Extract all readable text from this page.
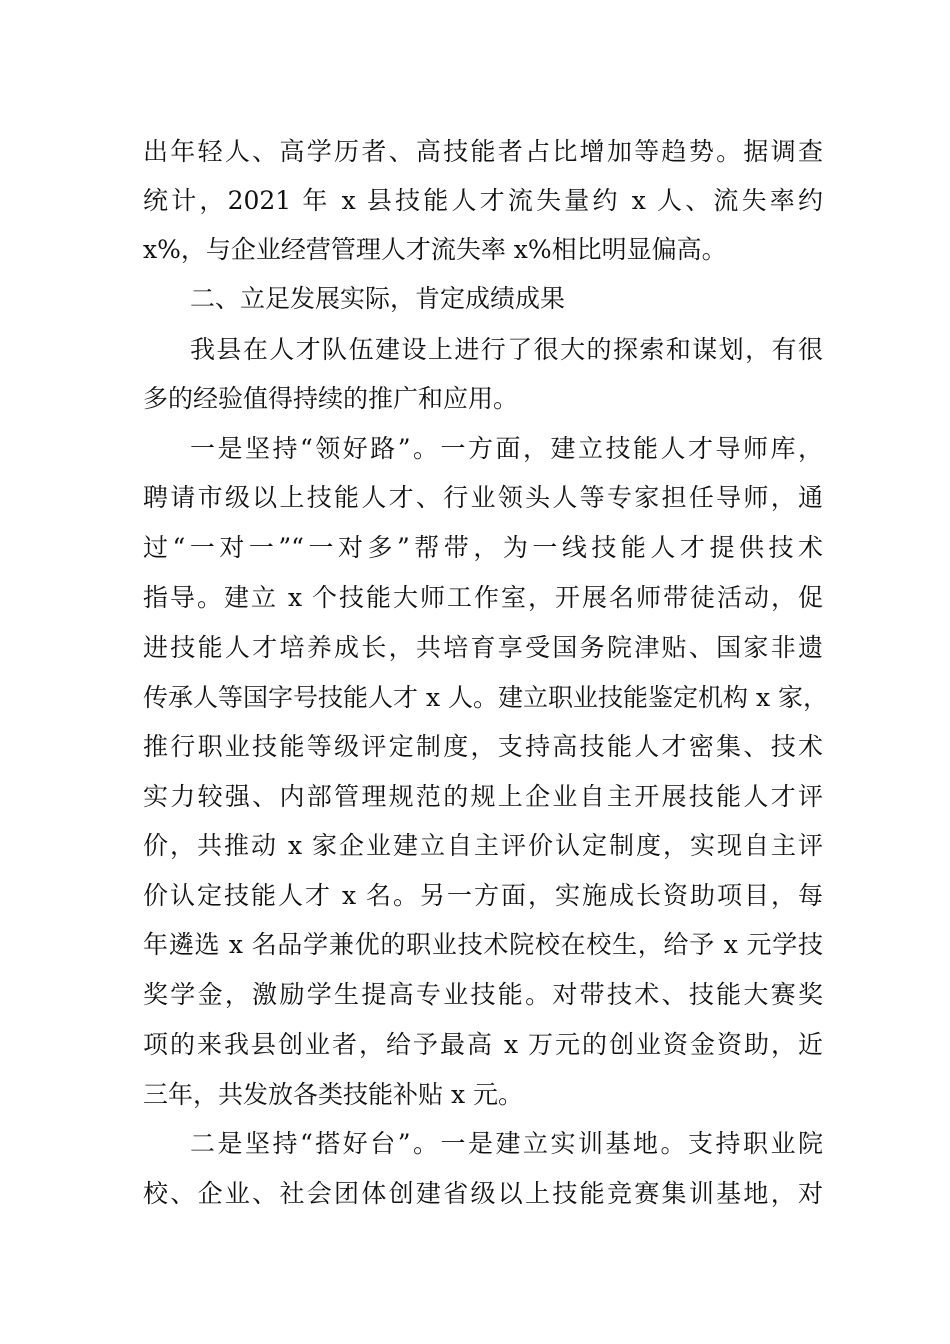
出年轻人、高学历者、高技能者占比增加等趋势。据调查
统计，2021 年 x 县技能人才流失量约 x 人、流失率约
x%，与企业经营管理人才流失率 x%相比明显偏高。
二、立足发展实际，肯定成绩成果
我县在人才队伍建设上进行了很大的探索和谋划，有很
多的经验值得持续的推广和应用。
一是坚持“领好路”。一方面，建立技能人才导师库，
聘请市级以上技能人才、行业领头人等专家担任导师，通
过“一对一”“一对多”帮带，为一线技能人才提供技术
指导。建立 x 个技能大师工作室，开展名师带徒活动，促
进技能人才培养成长，共培育享受国务院津贴、国家非遗
传承人等国字号技能人才 x 人。建立职业技能鉴定机构 x 家，
推行职业技能等级评定制度，支持高技能人才密集、技术
实力较强、内部管理规范的规上企业自主开展技能人才评
价，共推动 x 家企业建立自主评价认定制度，实现自主评
价认定技能人才 x 名。另一方面，实施成长资助项目，每
年遴选 x 名品学兼优的职业技术院校在校生，给予 x 元学技
奖学金，激励学生提高专业技能。对带技术、技能大赛奖
项的来我县创业者，给予最高 x 万元的创业资金资助，近
三年，共发放各类技能补贴 x 元。
二是坚持“搭好台”。一是建立实训基地。支持职业院
校、企业、社会团体创建省级以上技能竞赛集训基地，对
